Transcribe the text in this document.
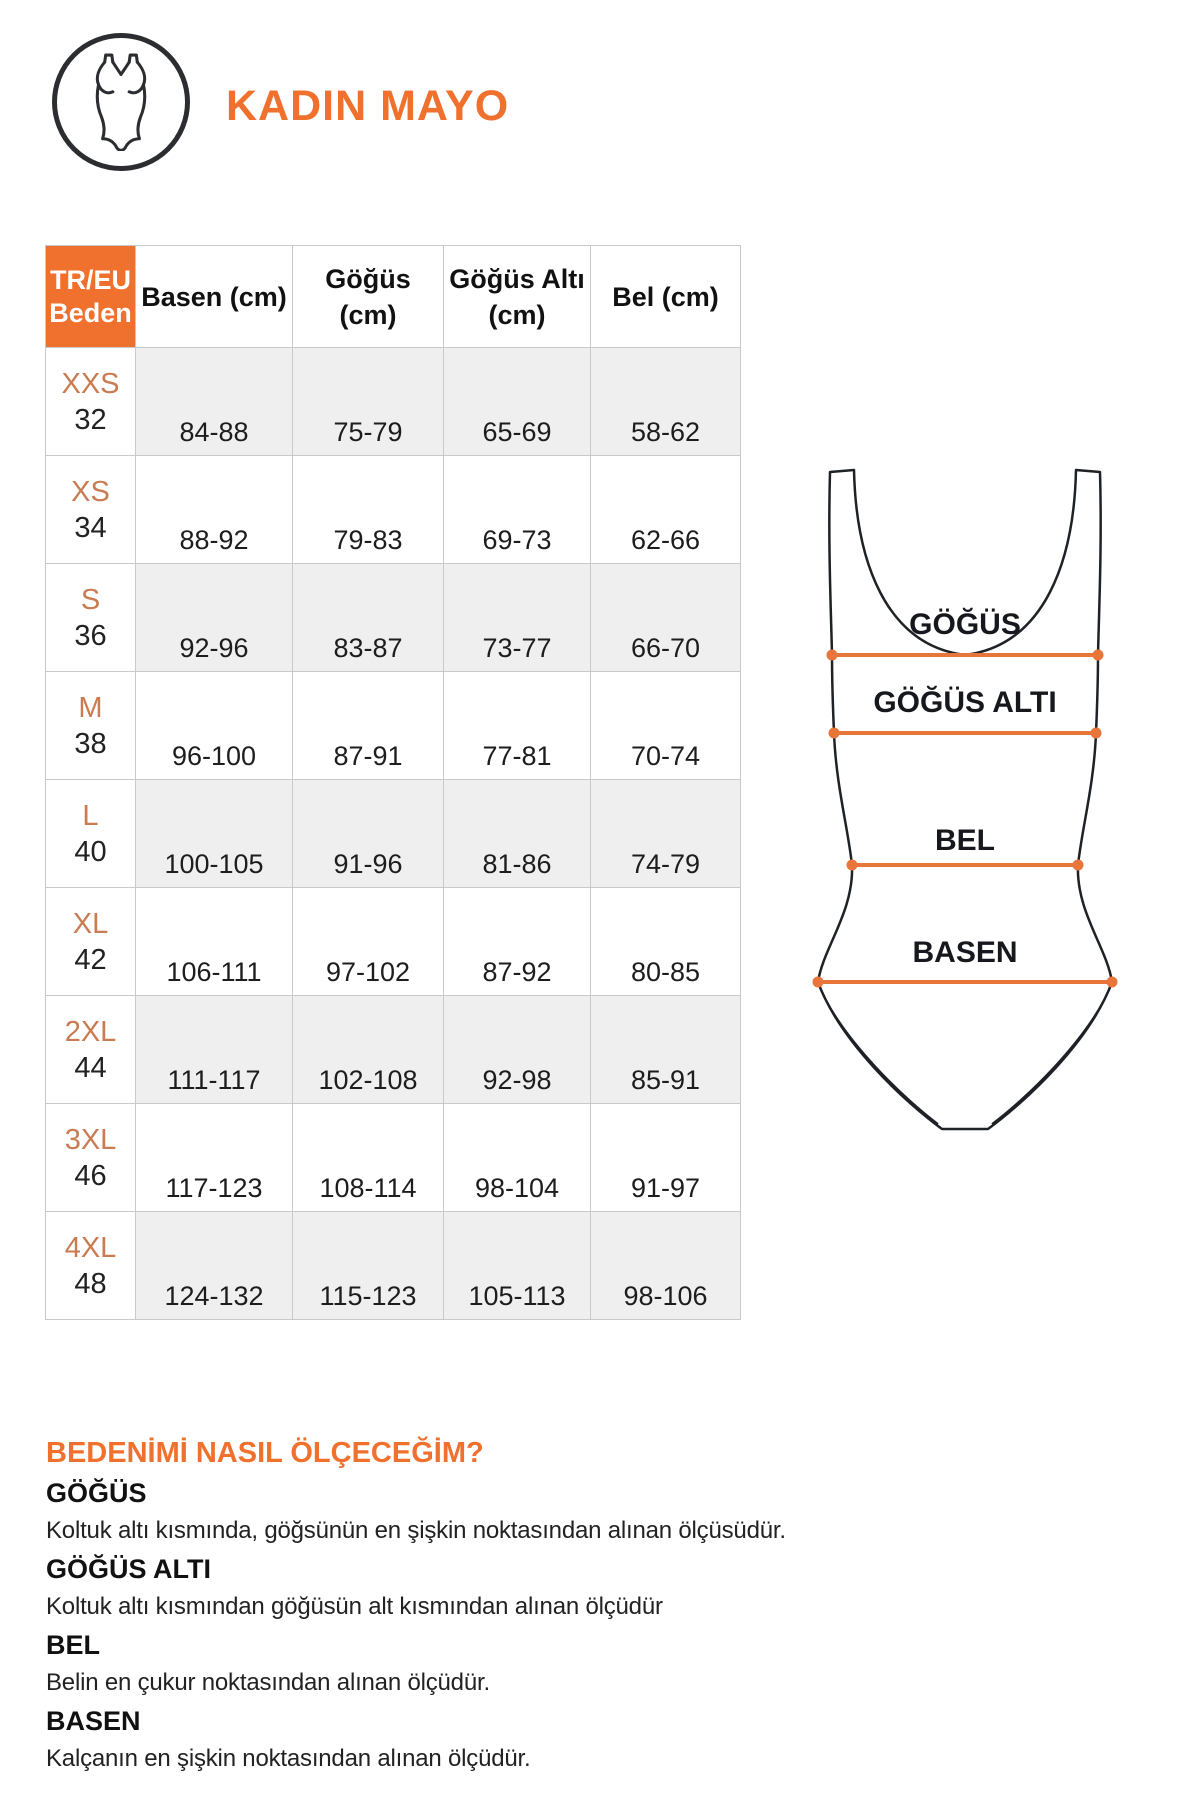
KADIN MAYO
TR/EU
Beden	Basen (cm)	Göğüs (cm)	Göğüs Altı (cm)	Bel (cm)

XXS
32	84-88	75-79	65-69	58-62

XS
34	88-92	79-83	69-73	62-66

S
36	92-96	83-87	73-77	66-70

M
38	96-100	87-91	77-81	70-74

L
40	100-105	91-96	81-86	74-79

XL
42	106-111	97-102	87-92	80-85

2XL
44	111-117	102-108	92-98	85-91

3XL
46	117-123	108-114	98-104	91-97

4XL
48	124-132	115-123	105-113	98-106
GÖĞÜS
GÖĞÜS ALTI
BEL
BASEN
BEDENİMİ NASIL ÖLÇECEĞİM?
GÖĞÜS
Koltuk altı kısmında, göğsünün en şişkin noktasından alınan ölçüsüdür.
GÖĞÜS ALTI
Koltuk altı kısmından göğüsün alt kısmından alınan ölçüdür
BEL
Belin en çukur noktasından alınan ölçüdür.
BASEN
Kalçanın en şişkin noktasından alınan ölçüdür.
